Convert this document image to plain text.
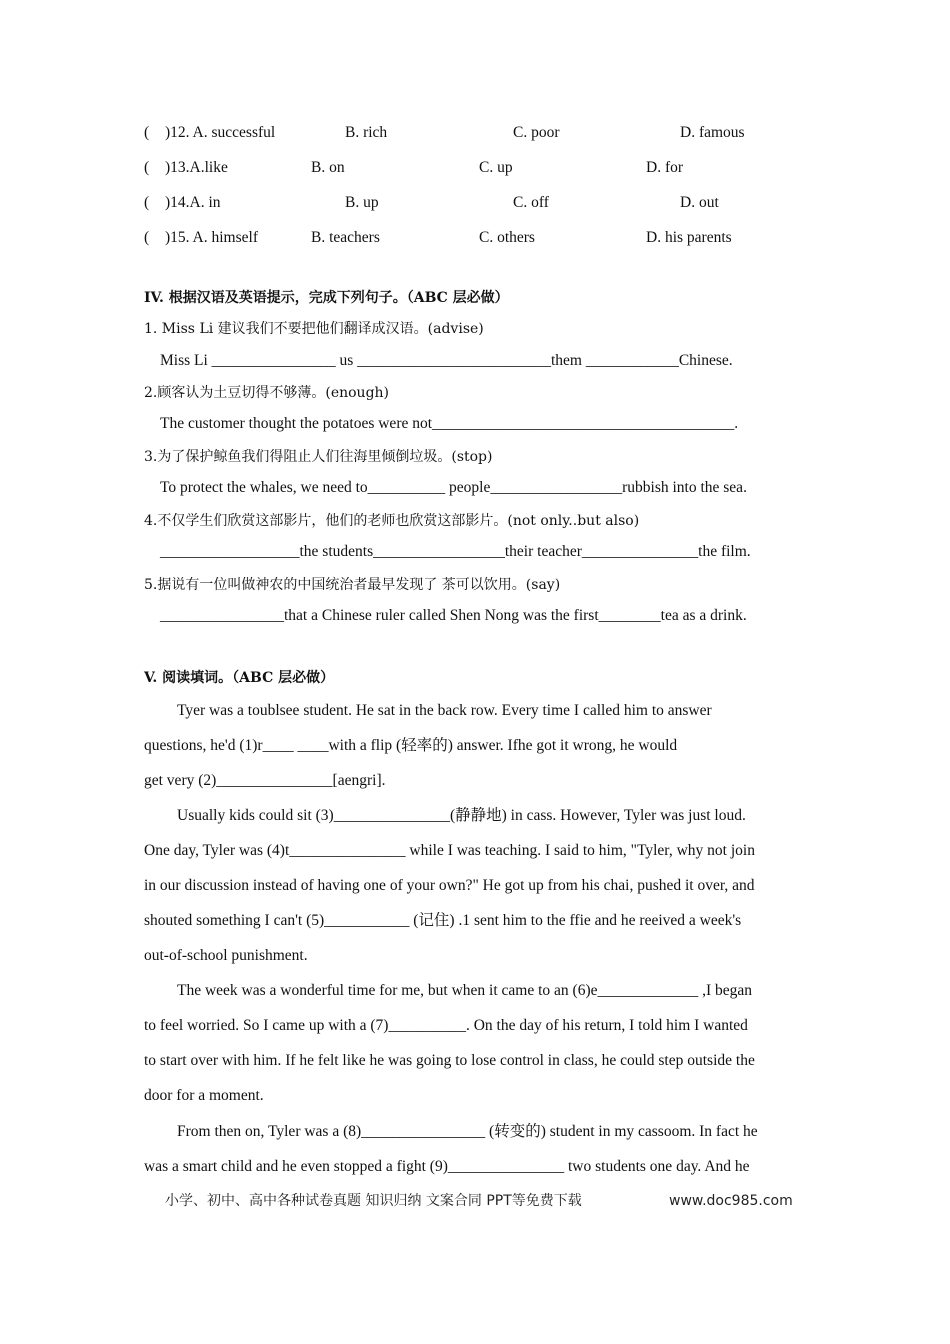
( )12. A. successful	B. rich	C. poor	D. famous
( )13.A.like	B. on	C. up	D. for
( )14.A. in	B. up	C. off	D. out
( )15. A. himself	B. teachers	C. others	D. his parents
IV. 根据汉语及英语提示，完成下列句子。（ABC 层必做）
1. Miss Li 建议我们不要把他们翻译成汉语。(advise)
Miss Li ________________ us _________________________them ____________Chinese.
2.顾客认为土豆切得不够薄。(enough)
The customer thought the potatoes were not_______________________________________.
3.为了保护鲸鱼我们得阻止人们往海里倾倒垃圾。(stop)
To protect the whales, we need to__________ people_________________rubbish into the sea.
4.不仅学生们欣赏这部影片，他们的老师也欣赏这部影片。(not only..but also)
__________________the students_________________their teacher_______________the film.
5.据说有一位叫做神农的中国统治者最早发现了 茶可以饮用。(say)
________________that a Chinese ruler called Shen Nong was the first________tea as a drink.
V. 阅读填词。（ABC 层必做）
Tyer was a toublsee student. He sat in the back row. Every time I called him to answer
questions, he'd (1)r____ ____with a flip (轻率的) answer. Ifhe got it wrong, he would
get very (2)_______________[aengri].
Usually kids could sit (3)_______________(静静地) in cass. However, Tyler was just loud.
One day, Tyler was (4)t_______________ while I was teaching. I said to him, "Tyler, why not join
in our discussion instead of having one of your own?" He got up from his chai, pushed it over, and
shouted something I can't (5)___________ (记住) .1 sent him to the ffie and he reeived a week's
out-of-school punishment.
The week was a wonderful time for me, but when it came to an (6)e_____________ ,I began
to feel worried. So I came up with a (7)__________. On the day of his return, I told him I wanted
to start over with him. If he felt like he was going to lose control in class, he could step outside the
door for a moment.
From then on, Tyler was a (8)________________ (转变的) student in my cassoom. In fact he
was a smart child and he even stopped a fight (9)_______________ two students one day. And he
小学、初中、高中各种试卷真题 知识归纳 文案合同 PPT等免费下载	www.doc985.com
